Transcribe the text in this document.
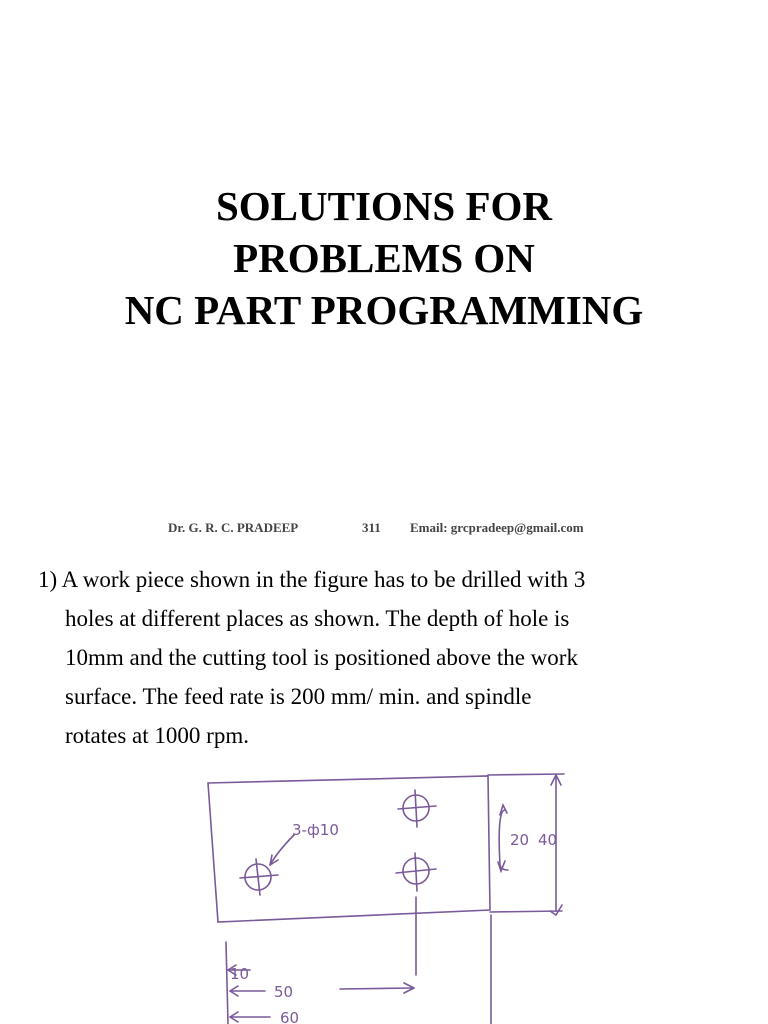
SOLUTIONS FOR
PROBLEMS ON
NC PART PROGRAMMING
Dr. G. R. C. PRADEEP	311 Email: grcpradeep@gmail.com
1) A work piece shown in the figure has to be drilled with 3
holes at different places as shown. The depth of hole is
10mm and the cutting tool is positioned above the work
surface. The feed rate is 200 mm/ min. and spindle
rotates at 1000 rpm.
3-ф10
20 40
10
50
60
